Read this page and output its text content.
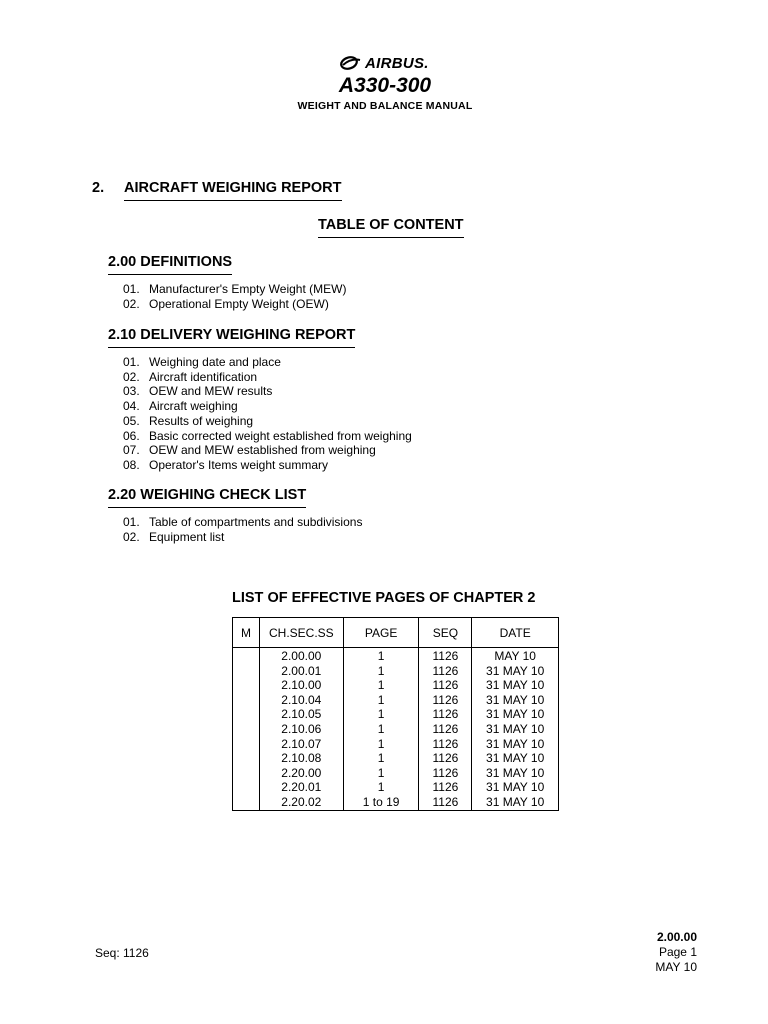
AIRBUS.
A330-300
WEIGHT AND BALANCE MANUAL
2. AIRCRAFT WEIGHING REPORT
TABLE OF CONTENT
2.00 DEFINITIONS
01. Manufacturer's Empty Weight (MEW)
02. Operational Empty Weight (OEW)
2.10 DELIVERY WEIGHING REPORT
01. Weighing date and place
02. Aircraft identification
03. OEW and MEW results
04. Aircraft weighing
05. Results of weighing
06. Basic corrected weight established from weighing
07. OEW and MEW established from weighing
08. Operator's Items weight summary
2.20 WEIGHING CHECK LIST
01. Table of compartments and subdivisions
02. Equipment list
LIST OF EFFECTIVE PAGES OF CHAPTER 2
M	CH.SEC.SS	PAGE	SEQ	DATE
	2.00.00	1	1126	MAY 10
	2.00.01	1	1126	31 MAY 10
	2.10.00	1	1126	31 MAY 10
	2.10.04	1	1126	31 MAY 10
	2.10.05	1	1126	31 MAY 10
	2.10.06	1	1126	31 MAY 10
	2.10.07	1	1126	31 MAY 10
	2.10.08	1	1126	31 MAY 10
	2.20.00	1	1126	31 MAY 10
	2.20.01	1	1126	31 MAY 10
	2.20.02	1 to 19	1126	31 MAY 10
Seq: 1126
2.00.00
Page 1
MAY 10
